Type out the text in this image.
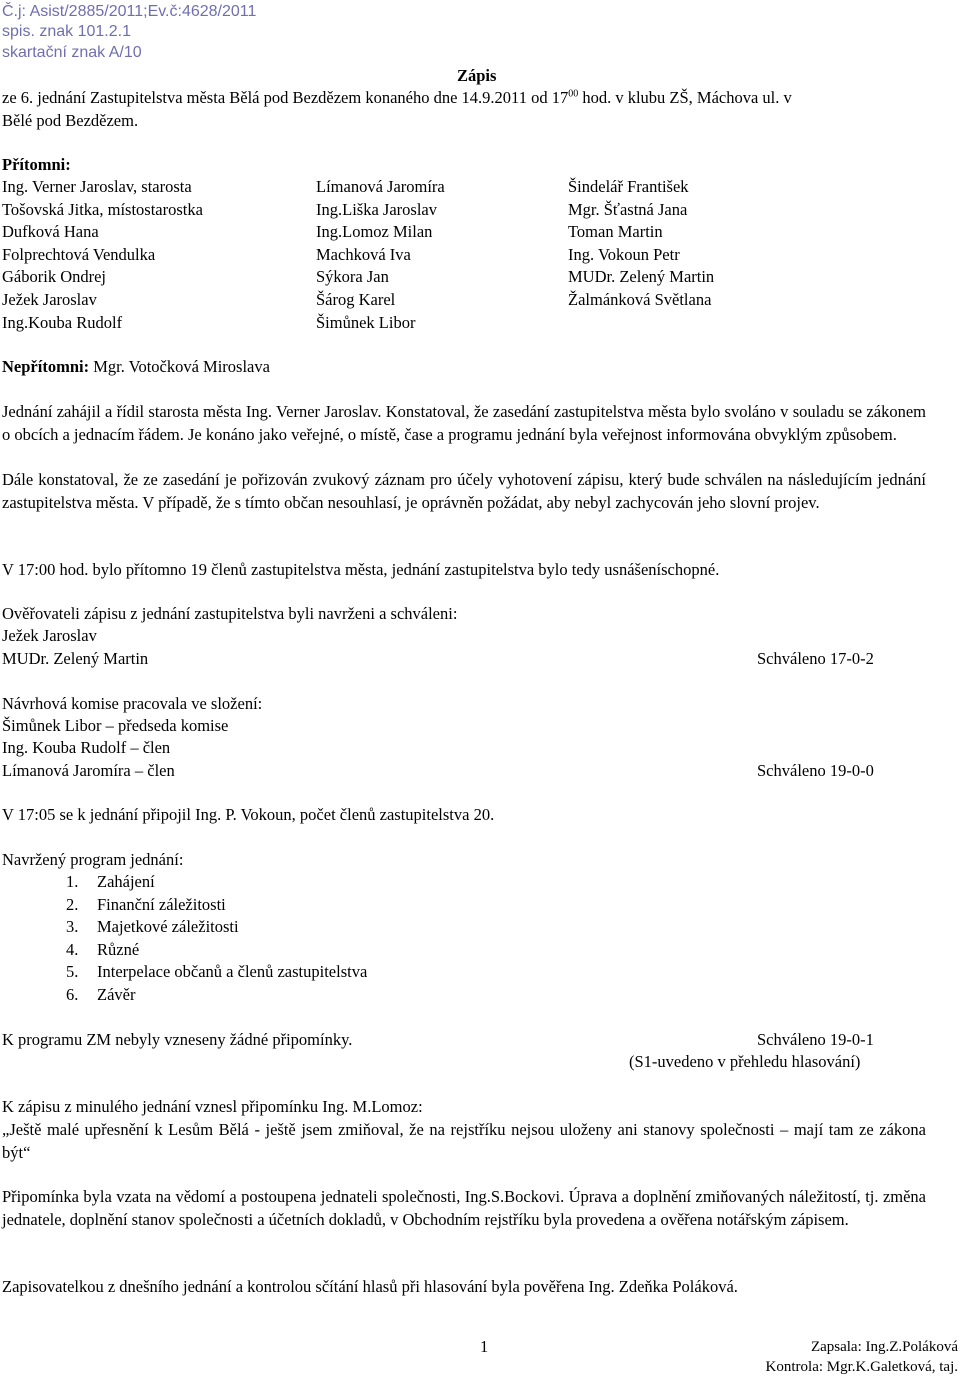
Č.j: Asist/2885/2011;Ev.č:4628/2011
spis. znak 101.2.1
skartační znak A/10
Zápis
ze 6. jednání Zastupitelstva města Bělá pod Bezdězem konaného dne 14.9.2011 od $17^{00}$ hod. v klubu ZŠ, Máchova ul. v
Bělé pod Bezdězem.
Přítomni:
Ing. Verner Jaroslav, starosta	Límanová Jaromíra	Šindelář František
Tošovská Jitka, místostarostka	Ing.Liška Jaroslav	Mgr. Šťastná Jana
Dufková Hana	Ing.Lomoz Milan	Toman Martin
Folprechtová Vendulka	Machková Iva	Ing. Vokoun Petr
Gáborik Ondrej	Sýkora Jan	MUDr. Zelený Martin
Ježek Jaroslav	Šárog Karel	Žalmánková Světlana
Ing.Kouba Rudolf	Šimůnek Libor	
Nepřítomni: Mgr. Votočková Miroslava
Jednání zahájil a řídil starosta města Ing. Verner Jaroslav. Konstatoval, že zasedání zastupitelstva města bylo svoláno v souladu se zákonem o obcích a jednacím řádem. Je konáno jako veřejné, o místě, čase a programu jednání byla veřejnost informována obvyklým způsobem.
Dále konstatoval, že ze zasedání je pořizován zvukový záznam pro účely vyhotovení zápisu, který bude schválen na následujícím jednání zastupitelstva města. V případě, že s tímto občan nesouhlasí, je oprávněn požádat, aby nebyl zachycován jeho slovní projev.
V 17:00 hod. bylo přítomno 19 členů zastupitelstva města, jednání zastupitelstva bylo tedy usnášeníschopné.
Ověřovateli zápisu z jednání zastupitelstva byli navrženi a schváleni:
Ježek Jaroslav
MUDr. Zelený Martin	Schváleno 17-0-2
Návrhová komise pracovala ve složení:
Šimůnek Libor – předseda komise
Ing. Kouba Rudolf – člen
Límanová Jaromíra – člen	Schváleno 19-0-0
V 17:05 se k jednání připojil Ing. P. Vokoun, počet členů zastupitelstva 20.
Navržený program jednání:
1. Zahájení
2. Finanční záležitosti
3. Majetkové záležitosti
4. Různé
5. Interpelace občanů a členů zastupitelstva
6. Závěr
K programu ZM nebyly vzneseny žádné připomínky.	Schváleno 19-0-1
(S1-uvedeno v přehledu hlasování)
K zápisu z minulého jednání vznesl připomínku Ing. M.Lomoz:
„Ještě malé upřesnění k Lesům Bělá - ještě jsem zmiňoval, že na rejstříku nejsou uloženy ani stanovy společnosti – mají tam ze zákona být“
Připomínka byla vzata na vědomí a postoupena jednateli společnosti, Ing.S.Bockovi. Úprava a doplnění zmiňovaných náležitostí, tj. změna jednatele, doplnění stanov společnosti a účetních dokladů, v Obchodním rejstříku byla provedena a ověřena notářským zápisem.
Zapisovatelkou z dnešního jednání a kontrolou sčítání hlasů při hlasování byla pověřena Ing. Zdeňka Poláková.
1	Zapsala: Ing.Z.Poláková
Kontrola: Mgr.K.Galetková, taj.
